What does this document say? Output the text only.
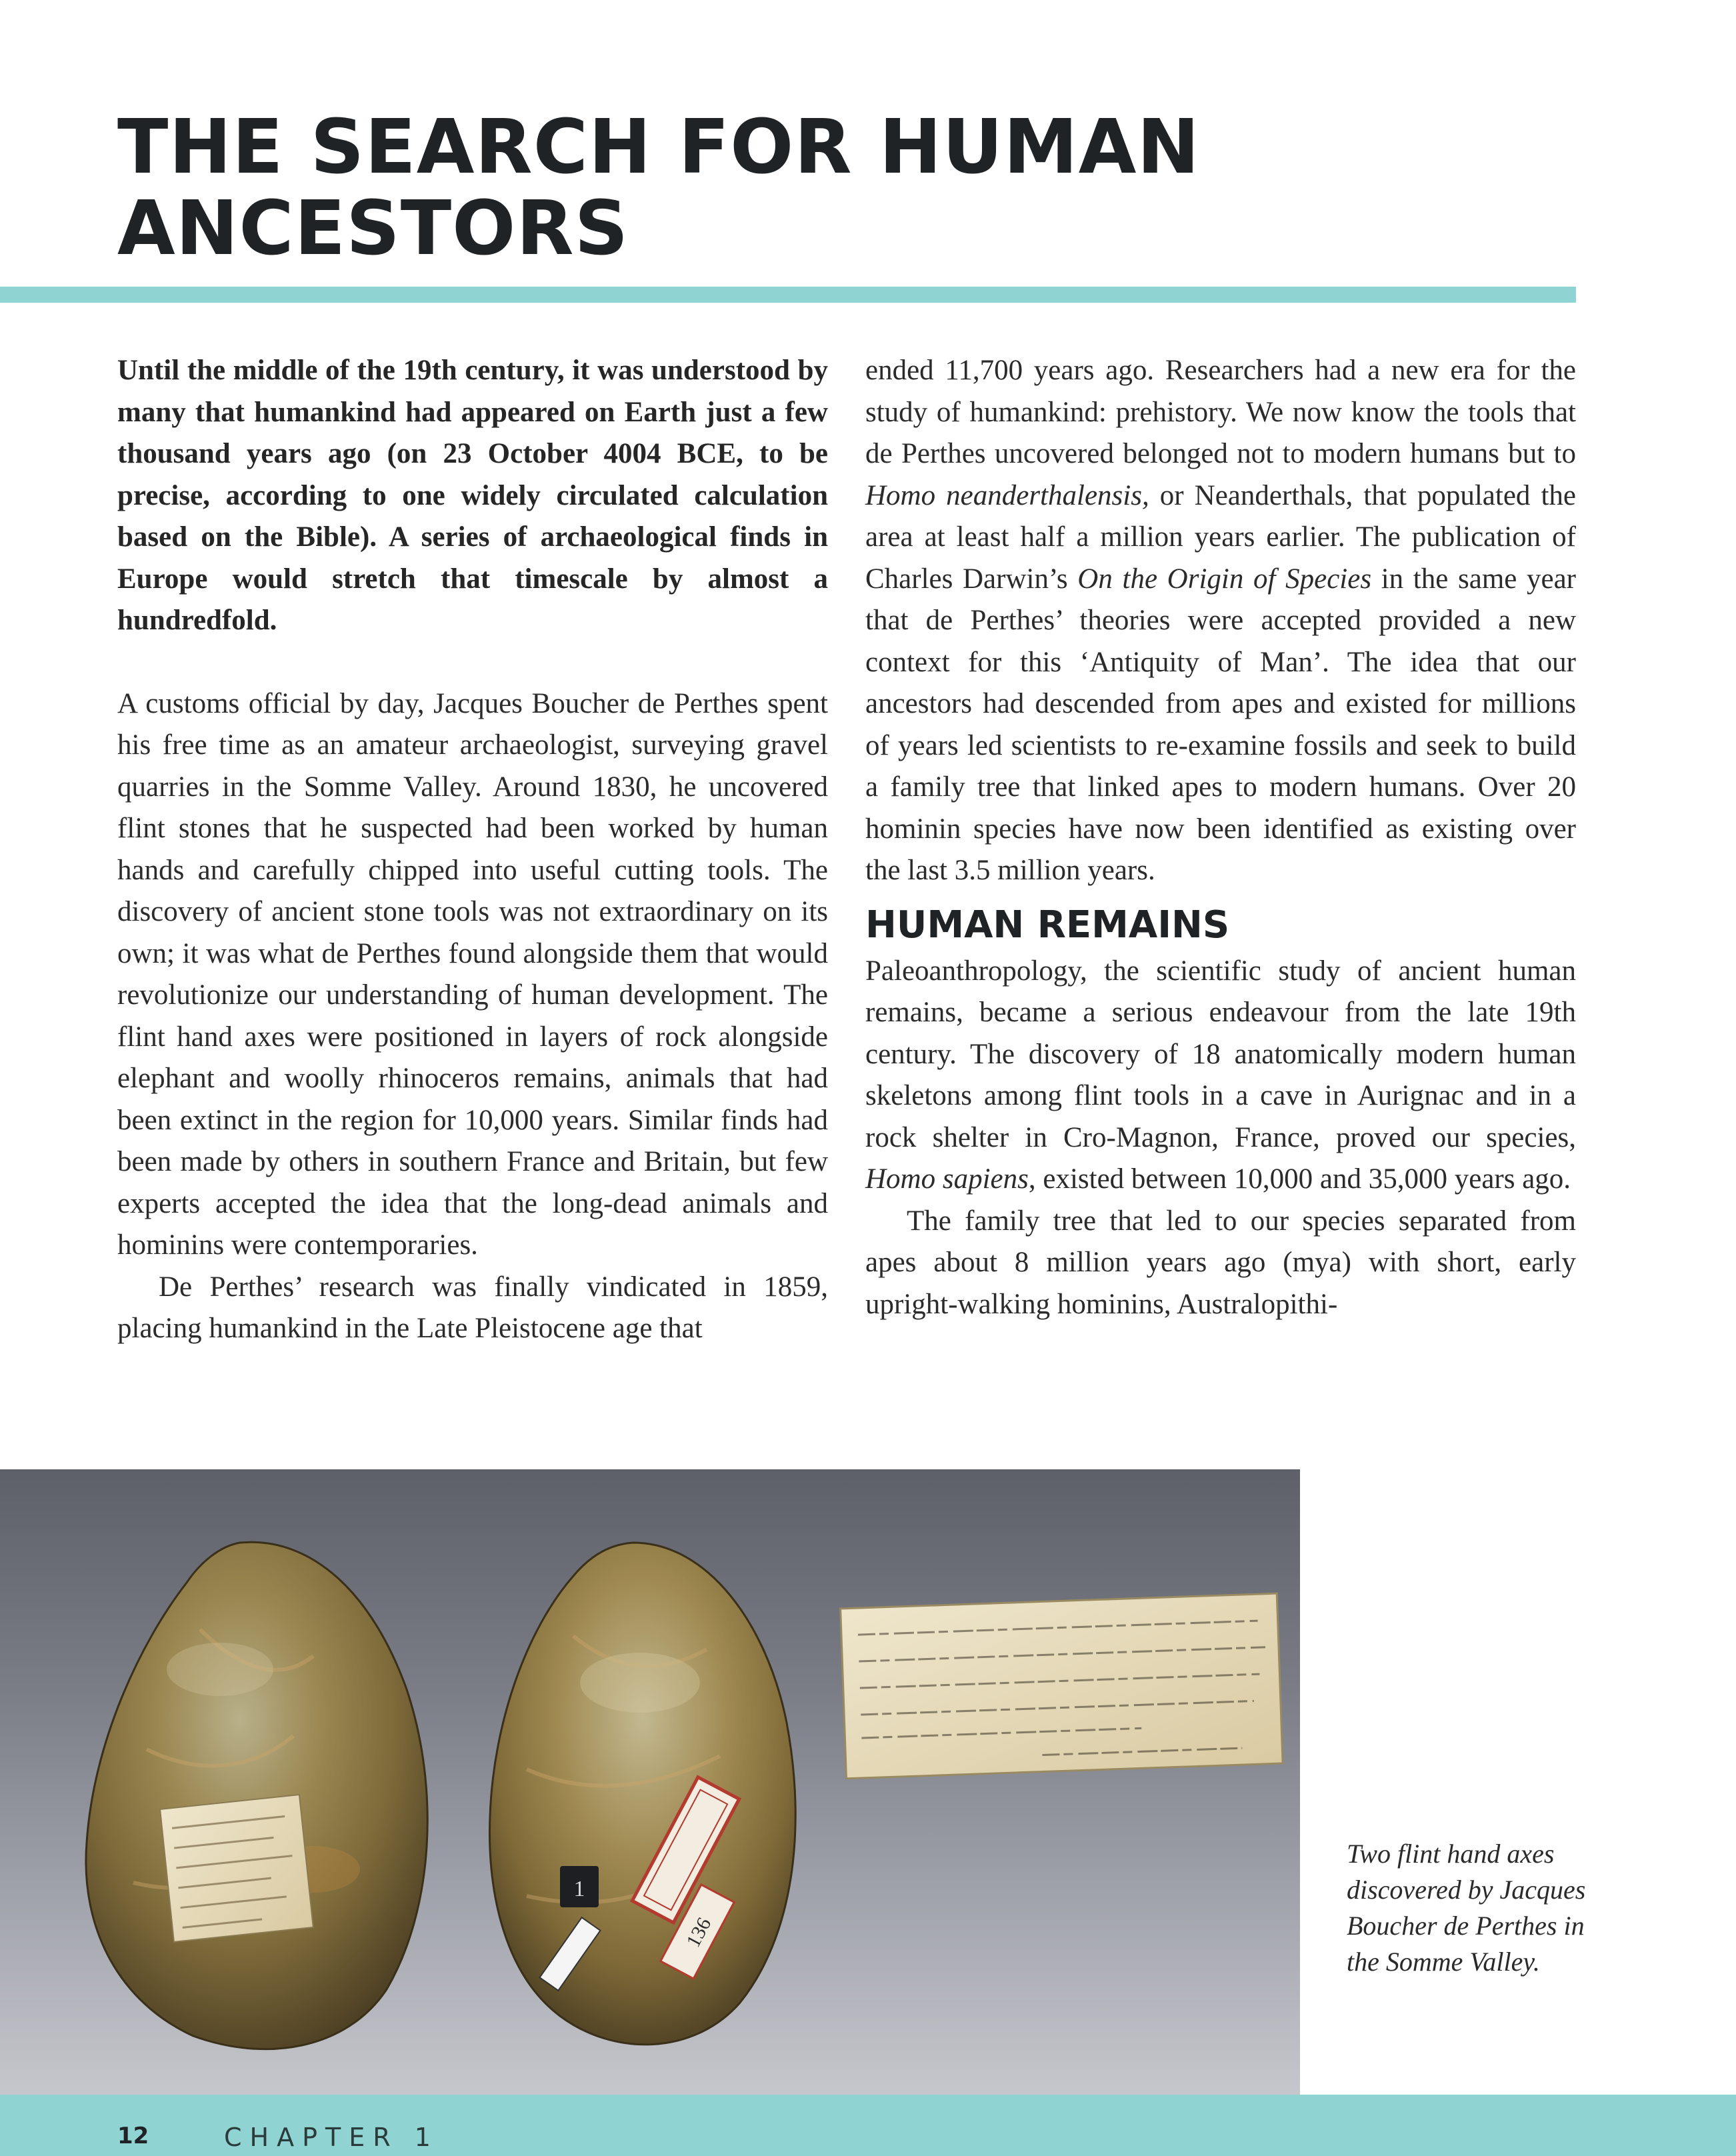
THE SEARCH FOR HUMAN
ANCESTORS

Until the middle of the 19th century, it was understood by many that humankind had appeared on Earth just a few thousand years ago (on 23 October 4004 BCE, to be precise, according to one widely circulated calculation based on the Bible). A series of archaeological finds in Europe would stretch that timescale by almost a hundredfold.

A customs official by day, Jacques Boucher de Perthes spent his free time as an amateur archaeologist, surveying gravel quarries in the Somme Valley. Around 1830, he uncovered flint stones that he suspected had been worked by human hands and carefully chipped into useful cutting tools. The discovery of ancient stone tools was not extraordinary on its own; it was what de Perthes found alongside them that would revolutionize our understanding of human development. The flint hand axes were positioned in layers of rock alongside elephant and woolly rhinoceros remains, animals that had been extinct in the region for 10,000 years. Similar finds had been made by others in southern France and Britain, but few experts accepted the idea that the long-dead animals and hominins were contemporaries.

De Perthes’ research was finally vindicated in 1859, placing humankind in the Late Pleistocene age that

ended 11,700 years ago. Researchers had a new era for the study of humankind: prehistory. We now know the tools that de Perthes uncovered belonged not to modern humans but to Homo neanderthalensis, or Neanderthals, that populated the area at least half a million years earlier. The publication of Charles Darwin’s On the Origin of Species in the same year that de Perthes’ theories were accepted provided a new context for this ‘Antiquity of Man’. The idea that our ancestors had descended from apes and existed for millions of years led scientists to re-examine fossils and seek to build a family tree that linked apes to modern humans. Over 20 hominin species have now been identified as existing over the last 3.5 million years.

HUMAN REMAINS

Paleoanthropology, the scientific study of ancient human remains, became a serious endeavour from the late 19th century. The discovery of 18 anatomically modern human skeletons among flint tools in a cave in Aurignac and in a rock shelter in Cro-Magnon, France, proved our species, Homo sapiens, existed between 10,000 and 35,000 years ago.

The family tree that led to our species separated from apes about 8 million years ago (mya) with short, early upright-walking hominins, Australopithi-

1
136

Two flint hand axes discovered by Jacques Boucher de Perthes in the Somme Valley.

12	CHAPTER 1
